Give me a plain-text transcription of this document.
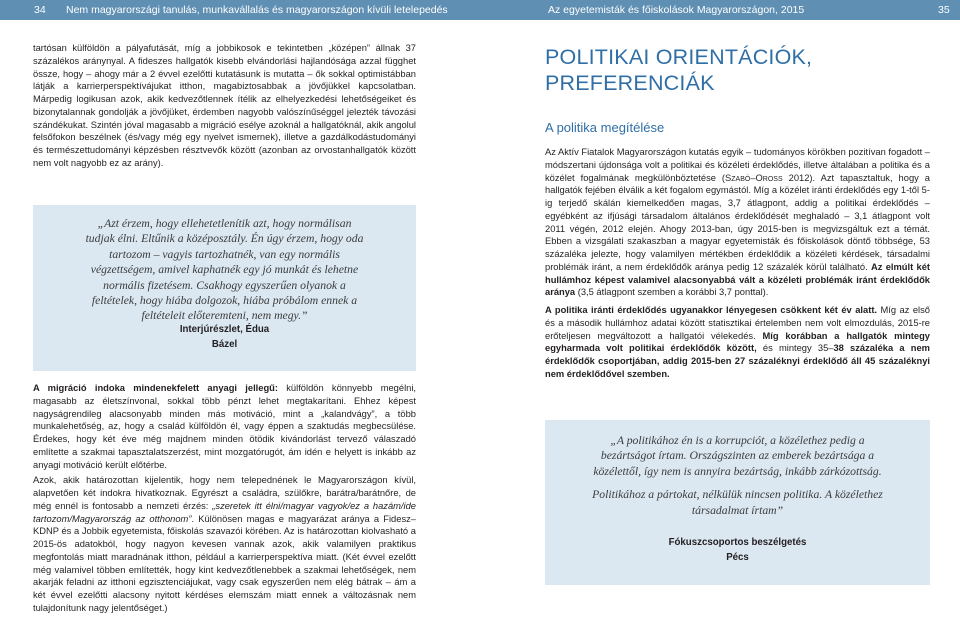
34 Nem magyarországi tanulás, munkavállalás és magyarországon kívüli letelepedés	Az egyetemisták és főiskolások Magyarországon, 2015	35

tartósan külföldön a pályafutását, míg a jobbikosok e tekintetben „középen” állnak 37 százalékos aránynyal. A fideszes hallgatók kisebb elvándorlási hajlandósága azzal függhet össze, hogy – ahogy már a 2 évvel ezelőtti kutatásunk is mutatta – ők sokkal optimistábban látják a karrierperspektívájukat itthon, magabiztosabbak a jövőjükkel kapcsolatban. Márpedig logikusan azok, akik kedvezőtlennek ítélik az elhelyezkedési lehetőségeiket és bizonytalannak gondolják a jövőjüket, érdemben nagyobb valószínűséggel jelezték távozási szándékukat. Szintén jóval magasabb a migráció esélye azoknál a hallgatóknál, akik angolul felsőfokon beszélnek (és/vagy még egy nyelvet ismernek), illetve a gazdálkodástudományi és természettudományi képzésben résztvevők között (azonban az orvostanhallgatók között nem volt nagyobb ez az arány).

„Azt érzem, hogy ellehetetlenítik azt, hogy normálisan tudjak élni. Eltűnik a középosztály. Én úgy érzem, hogy oda tartozom – vagyis tartozhatnék, van egy normális végzettségem, amivel kaphatnék egy jó munkát és lehetne normális fizetésem. Csakhogy egyszerűen olyanok a feltételek, hogy hiába dolgozok, hiába próbálom ennek a feltételeit előteremteni, nem megy.”
Interjúrészlet, Édua
Bázel

A migráció indoka mindenekfelett anyagi jellegű: külföldön könnyebb megélni, magasabb az életszínvonal, sokkal több pénzt lehet megtakarítani. Ehhez képest nagyságrendileg alacsonyabb minden más motiváció, mint a „kalandvágy”, a több munkalehetőség, az, hogy a család külföldön él, vagy éppen a szaktudás megbecsülése. Érdekes, hogy két éve még majdnem minden ötödik kivándorlást tervező válaszadó említette a szakmai tapasztalatszerzést, mint mozgatórugót, ám idén e helyett is inkább az anyagi motiváció került előtérbe.

Azok, akik határozottan kijelentik, hogy nem telepednének le Magyarországon kívül, alapvetően két indokra hivatkoznak. Egyrészt a családra, szülőkre, barátra/barátnőre, de még ennél is fontosabb a nemzeti érzés: „szeretek itt élni/magyar vagyok/ez a hazám/ide tartozom/Magyarország az otthonom”. Különösen magas e magyarázat aránya a Fidesz–KDNP és a Jobbik egyetemista, főiskolás szavazói körében. Az is határozottan kiolvasható a 2015-ös adatokból, hogy nagyon kevesen vannak azok, akik valamilyen praktikus megfontolás miatt maradnának itthon, például a karrierperspektíva miatt. (Két évvel ezelőtt még valamivel többen említették, hogy kint kedvezőtlenebbek a szakmai lehetőségek, nem akarják feladni az itthoni egzisztenciájukat, vagy csak egyszerűen nem elég bátrak – ám a két évvel ezelőtti alacsony nyitott kérdéses elemszám miatt ennek a változásnak nem tulajdonítunk nagy jelentőséget.)

POLITIKAI ORIENTÁCIÓK,
PREFERENCIÁK
A politika megítélése

Az Aktív Fiatalok Magyarországon kutatás egyik – tudományos körökben pozitívan fogadott – módszertani újdonsága volt a politikai és közéleti érdeklődés, illetve általában a politika és a közélet fogalmának megkülönböztetése (Szabó–Oross 2012). Azt tapasztaltuk, hogy a hallgatók fejében élválik a két fogalom egymástól. Míg a közélet iránti érdeklődés egy 1-től 5-ig terjedő skálán kiemelkedően magas, 3,7 átlagpont, addig a politikai érdeklődés – egyébként az ifjúsági társadalom általános érdeklődését meghaladó – 3,1 átlagpont volt 2011 végén, 2012 elején. Ahogy 2013-ban, úgy 2015-ben is megvizsgáltuk ezt a témát. Ebben a vizsgálati szakaszban a magyar egyetemisták és főiskolások döntő többsége, 53 százaléka jelezte, hogy valamilyen mértékben érdeklődik a közéleti kérdések, társadalmi problémák iránt, a nem érdeklődők aránya pedig 12 százalék körül található. Az elmúlt két hullámhoz képest valamivel alacsonyabbá vált a közéleti problémák iránt érdeklődők aránya (3,5 átlagpont szemben a korábbi 3,7 ponttal).

A politika iránti érdeklődés ugyanakkor lényegesen csökkent két év alatt. Míg az első és a második hullámhoz adatai között statisztikai értelemben nem volt elmozdulás, 2015-re erőteljesen megváltozott a hallgatói vélekedés. Míg korábban a hallgatók mintegy egyharmada volt politikai érdeklődők között, és mintegy 35–38 százaléka a nem érdeklődők csoportjában, addig 2015-ben 27 százaléknyi érdeklődő áll 45 százaléknyi nem érdeklődővel szemben.

„A politikához én is a korrupciót, a közélethez pedig a bezártságot írtam. Országszinten az emberek bezártsága a közélettől, így nem is annyira bezártság, inkább zárkózottság.

Politikához a pártokat, nélkülük nincsen politika. A közélethez társadalmat írtam”

Fókuszcsoportos beszélgetés
Pécs
